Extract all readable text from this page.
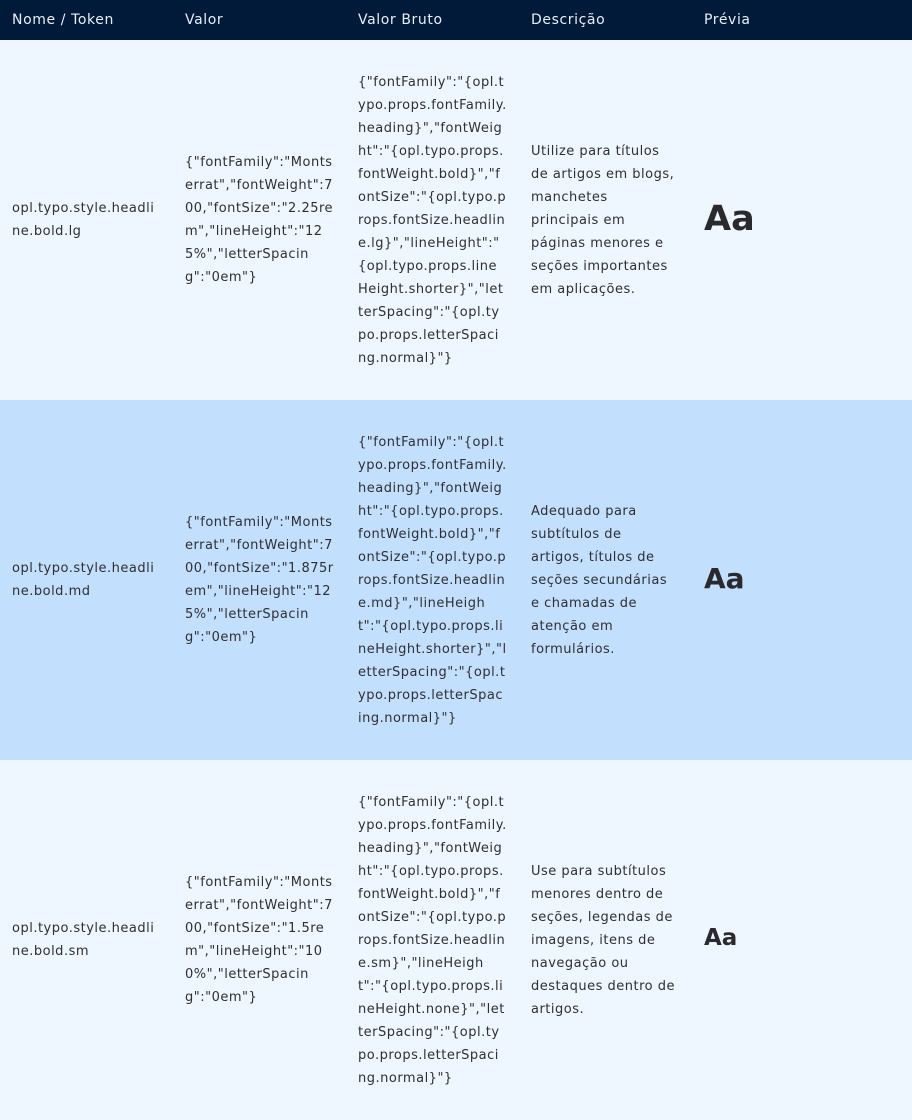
Nome / Token	Valor	Valor Bruto	Descrição	Prévia
opl.typo.style.headline.bold.lg	{"fontFamily":"Montserrat","fontWeight":700,"fontSize":"2.25rem","lineHeight":"125%","letterSpacing":"0em"}	{"fontFamily":"{opl.typo.props.fontFamily.heading}","fontWeight":"{opl.typo.props.fontWeight.bold}","fontSize":"{opl.typo.props.fontSize.headline.lg}","lineHeight":"{opl.typo.props.lineHeight.shorter}","letterSpacing":"{opl.typo.props.letterSpacing.normal}"}	Utilize para títulos de artigos em blogs, manchetes principais em páginas menores e seções importantes em aplicações.	Aa
opl.typo.style.headline.bold.md	{"fontFamily":"Montserrat","fontWeight":700,"fontSize":"1.875rem","lineHeight":"125%","letterSpacing":"0em"}	{"fontFamily":"{opl.typo.props.fontFamily.heading}","fontWeight":"{opl.typo.props.fontWeight.bold}","fontSize":"{opl.typo.props.fontSize.headline.md}","lineHeight":"{opl.typo.props.lineHeight.shorter}","letterSpacing":"{opl.typo.props.letterSpacing.normal}"}	Adequado para subtítulos de artigos, títulos de seções secundárias e chamadas de atenção em formulários.	Aa
opl.typo.style.headline.bold.sm	{"fontFamily":"Montserrat","fontWeight":700,"fontSize":"1.5rem","lineHeight":"100%","letterSpacing":"0em"}	{"fontFamily":"{opl.typo.props.fontFamily.heading}","fontWeight":"{opl.typo.props.fontWeight.bold}","fontSize":"{opl.typo.props.fontSize.headline.sm}","lineHeight":"{opl.typo.props.lineHeight.none}","letterSpacing":"{opl.typo.props.letterSpacing.normal}"}	Use para subtítulos menores dentro de seções, legendas de imagens, itens de navegação ou destaques dentro de artigos.	Aa
